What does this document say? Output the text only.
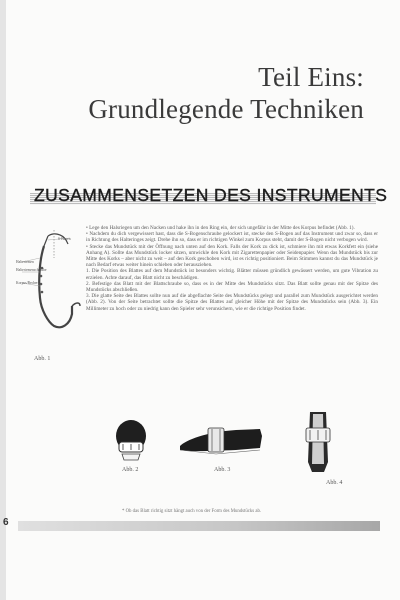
Teil Eins:
Grundlegende Techniken
ZUSAMMENSETZEN DES INSTRUMENTS
S-Bogen
Halteriemen
Halteriemenschraube
Korpus/Becher
Abb. 1

• Lege den Halsriegen um den Nacken und hake ihn in den Ring ein, der sich ungefähr in der Mitte des Korpus befindet (Abb. 1).

• Nachdem du dich vergewissert hast, dass die S-Bogenschraube gelockert ist, stecke den S-Bogen auf das Instrument und zwar so, dass er in Richtung des Halteringes zeigt. Drehe ihn so, dass er im richtigen Winkel zum Korpus steht, damit der S-Bogen nicht verbogen wird.

• Stecke das Mundstück mit der Öffnung nach unten auf den Kork. Falls der Kork zu dick ist, schmiere ihn mit etwas Korkfett ein (siehe Anhang A). Sollte das Mundstück locker sitzen, umwickle den Kork mit Zigarettenpapier oder Seidenpapier. Wenn das Mundstück bis zur Mitte des Korks – aber nicht zu weit – auf den Kork geschoben wird, ist es richtig positioniert. Beim Stimmen kannst du das Mundstück je nach Bedarf etwas weiter hinein schieben oder herausziehen.

1. Die Position des Blattes auf dem Mundstück ist besonders wichtig. Blätter müssen gründlich gewässert werden, um gute Vibration zu erzielen. Achte darauf, das Blatt nicht zu beschädigen.

2. Befestige das Blatt mit der Blattschraube so, dass es in der Mitte des Mundstücks sitzt. Das Blatt sollte genau mit der Spitze des Mundstücks abschließen.

3. Die glatte Seite des Blattes sollte nun auf die abgeflachte Seite des Mundstücks gelegt und parallel zum Mundstück ausgerichtet werden (Abb. 2). Von der Seite betrachtet sollte die Spitze des Blattes auf gleicher Höhe mit der Spitze des Mundstücks sein (Abb. 3). Ein Millimeter zu hoch oder zu niedrig kann den Spieler sehr verunsichern, wie er die richtige Position findet.

Abb. 2	Abb. 3
Abb. 4
* Ob das Blatt richtig sitzt hängt auch von der Form des Mundstücks ab.
6
